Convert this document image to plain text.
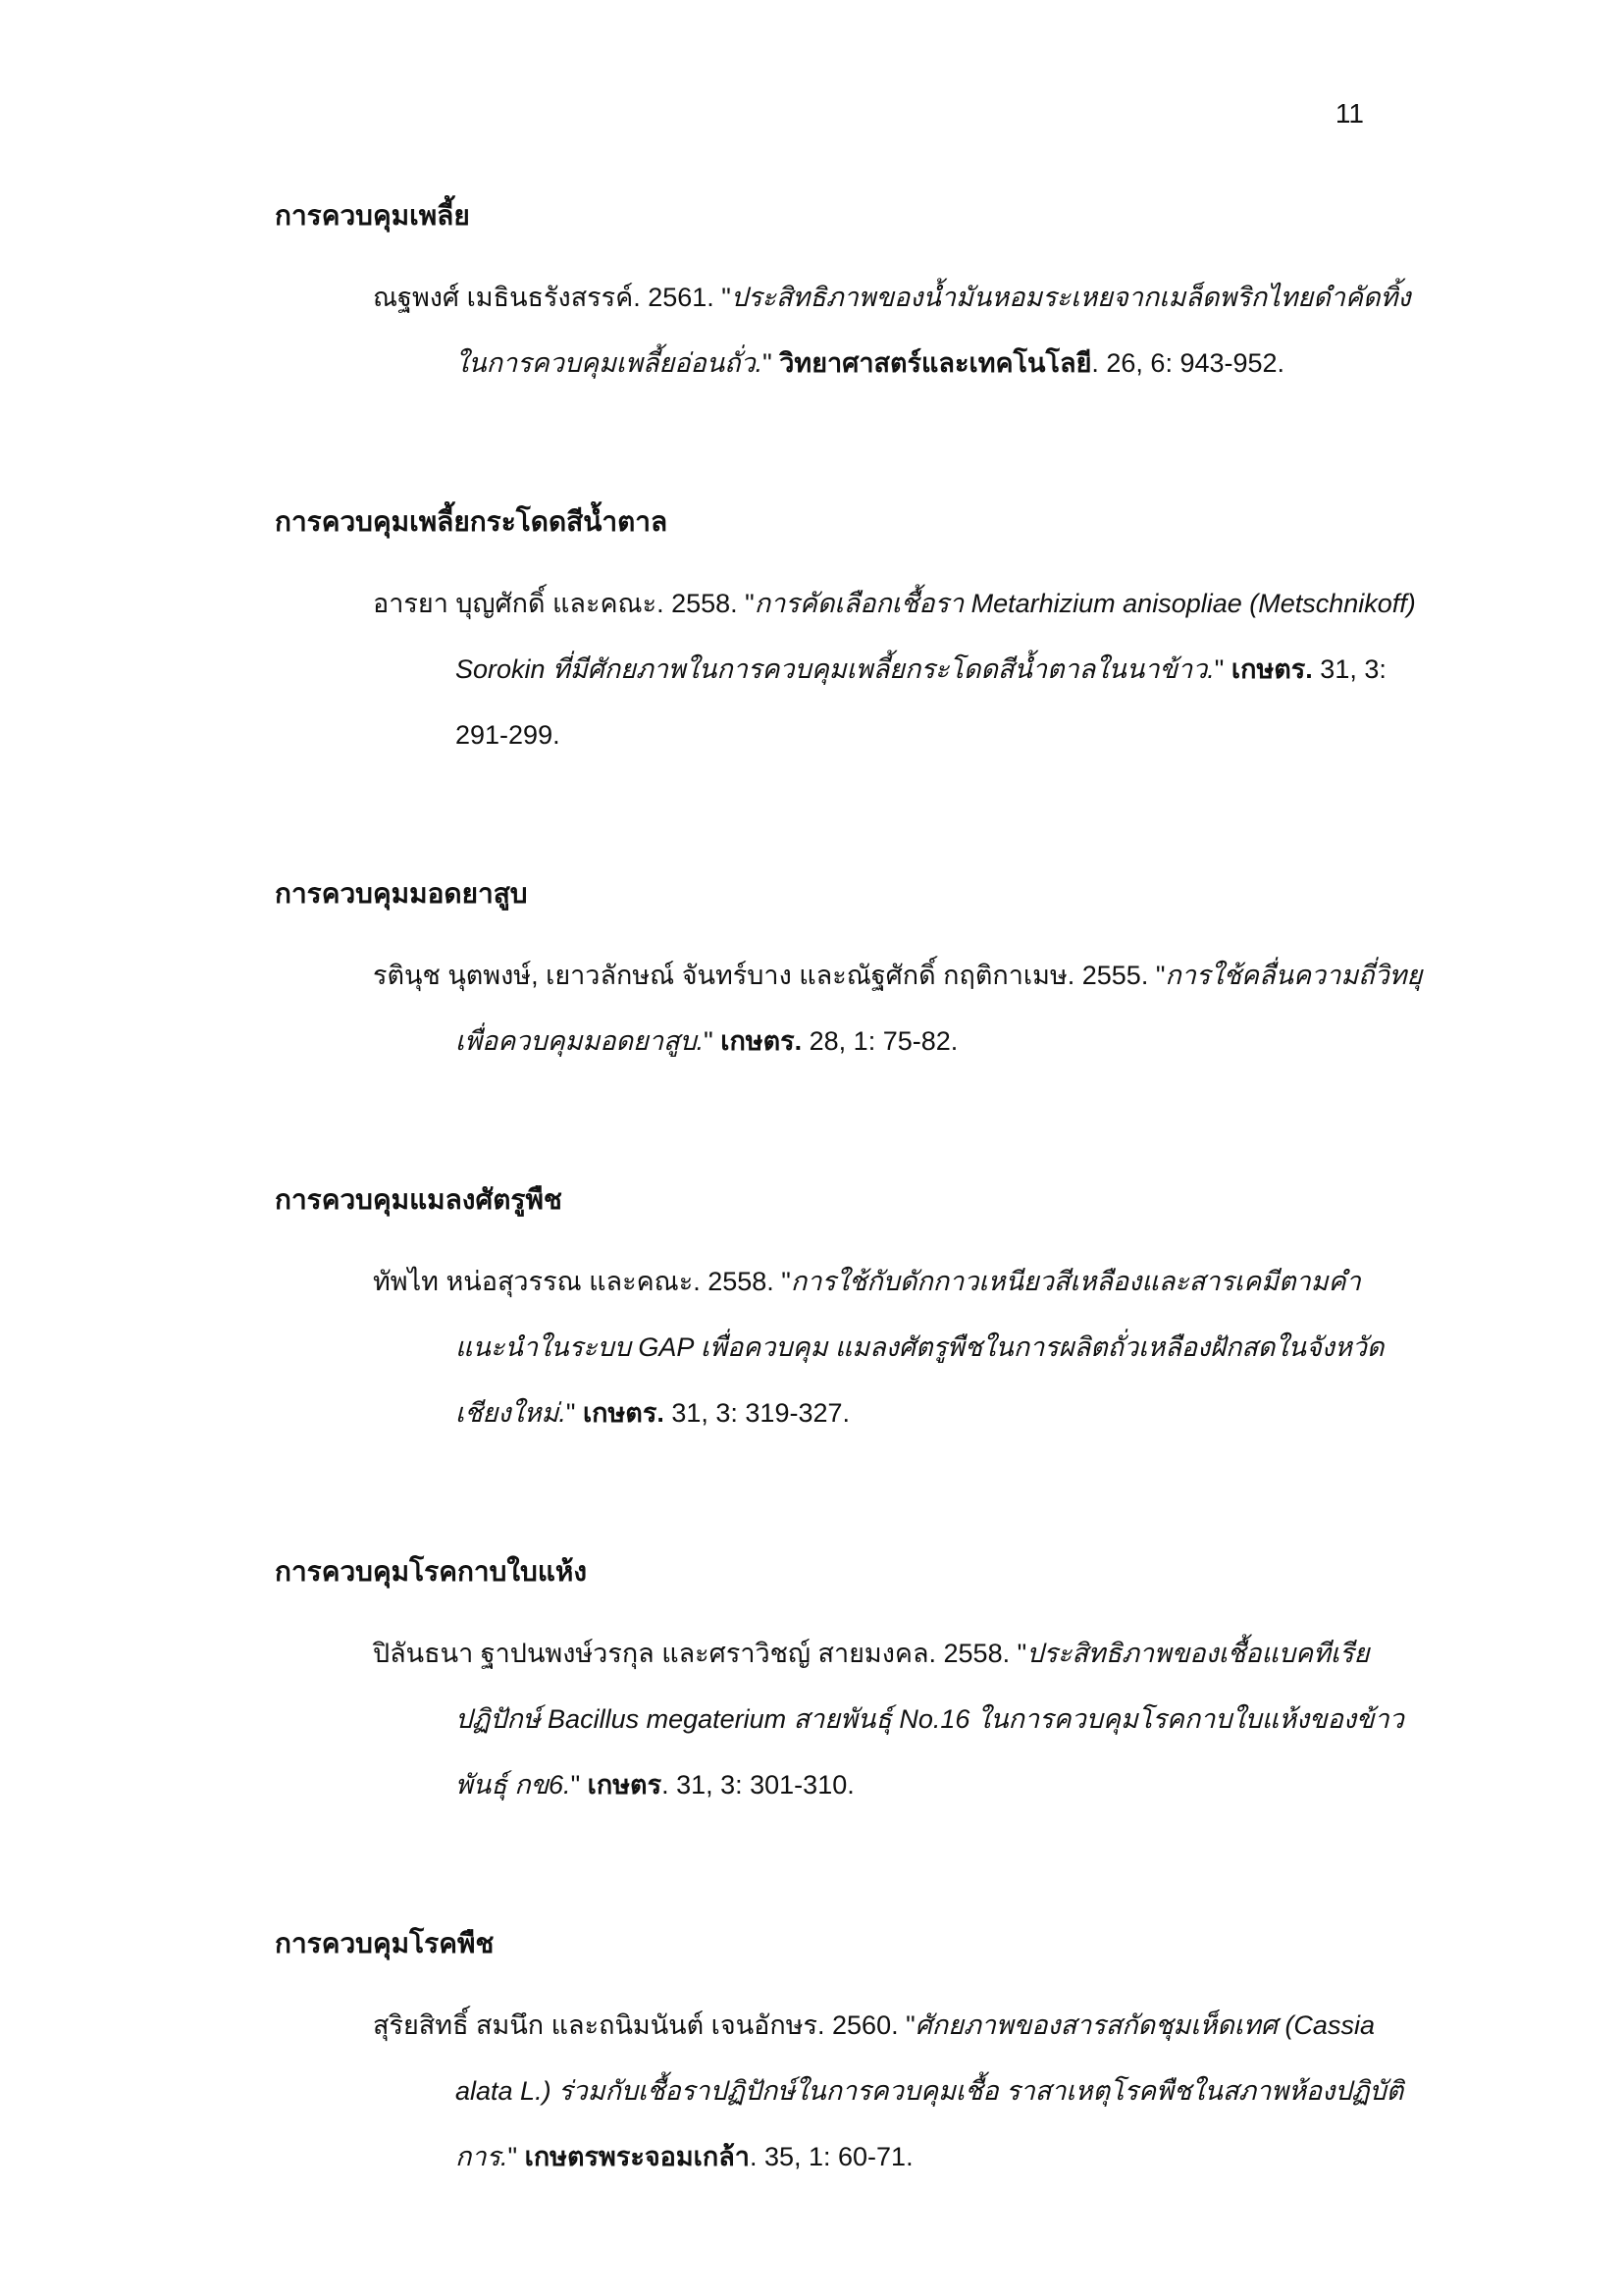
11
การควบคุมเพลี้ย
ณฐพงศ์ เมธินธรังสรรค์. 2561. "ประสิทธิภาพของน้ำมันหอมระเหยจากเมล็ดพริกไทยดำคัดทิ้งในการควบคุมเพลี้ยอ่อนถั่ว." วิทยาศาสตร์และเทคโนโลยี. 26, 6: 943-952.
การควบคุมเพลี้ยกระโดดสีน้ำตาล
อารยา บุญศักดิ์ และคณะ. 2558. "การคัดเลือกเชื้อรา Metarhizium anisopliae (Metschnikoff) Sorokin ที่มีศักยภาพในการควบคุมเพลี้ยกระโดดสีน้ำตาลในนาข้าว." เกษตร. 31, 3: 291-299.
การควบคุมมอดยาสูบ
รตินุช นุตพงษ์, เยาวลักษณ์ จันทร์บาง และณัฐศักดิ์ กฤติกาเมษ. 2555. "การใช้คลื่นความถี่วิทยุเพื่อควบคุมมอดยาสูบ." เกษตร. 28, 1: 75-82.
การควบคุมแมลงศัตรูพืช
ทัพไท หน่อสุวรรณ และคณะ. 2558. "การใช้กับดักกาวเหนียวสีเหลืองและสารเคมีตามคำแนะนำในระบบ GAP เพื่อควบคุม แมลงศัตรูพืชในการผลิตถั่วเหลืองฝักสดในจังหวัดเชียงใหม่." เกษตร. 31, 3: 319-327.
การควบคุมโรคกาบใบแห้ง
ปิลันธนา ฐาปนพงษ์วรกุล และศราวิชญ์ สายมงคล. 2558. "ประสิทธิภาพของเชื้อแบคทีเรียปฏิปักษ์ Bacillus megaterium สายพันธุ์ No.16 ในการควบคุมโรคกาบใบแห้งของข้าวพันธุ์ กข6." เกษตร. 31, 3: 301-310.
การควบคุมโรคพืช
สุริยสิทธิ์ สมนึก และถนิมนันต์ เจนอักษร. 2560. "ศักยภาพของสารสกัดชุมเห็ดเทศ (Cassia alata L.) ร่วมกับเชื้อราปฏิปักษ์ในการควบคุมเชื้อ ราสาเหตุโรคพืชในสภาพห้องปฏิบัติการ." เกษตรพระจอมเกล้า. 35, 1: 60-71.
